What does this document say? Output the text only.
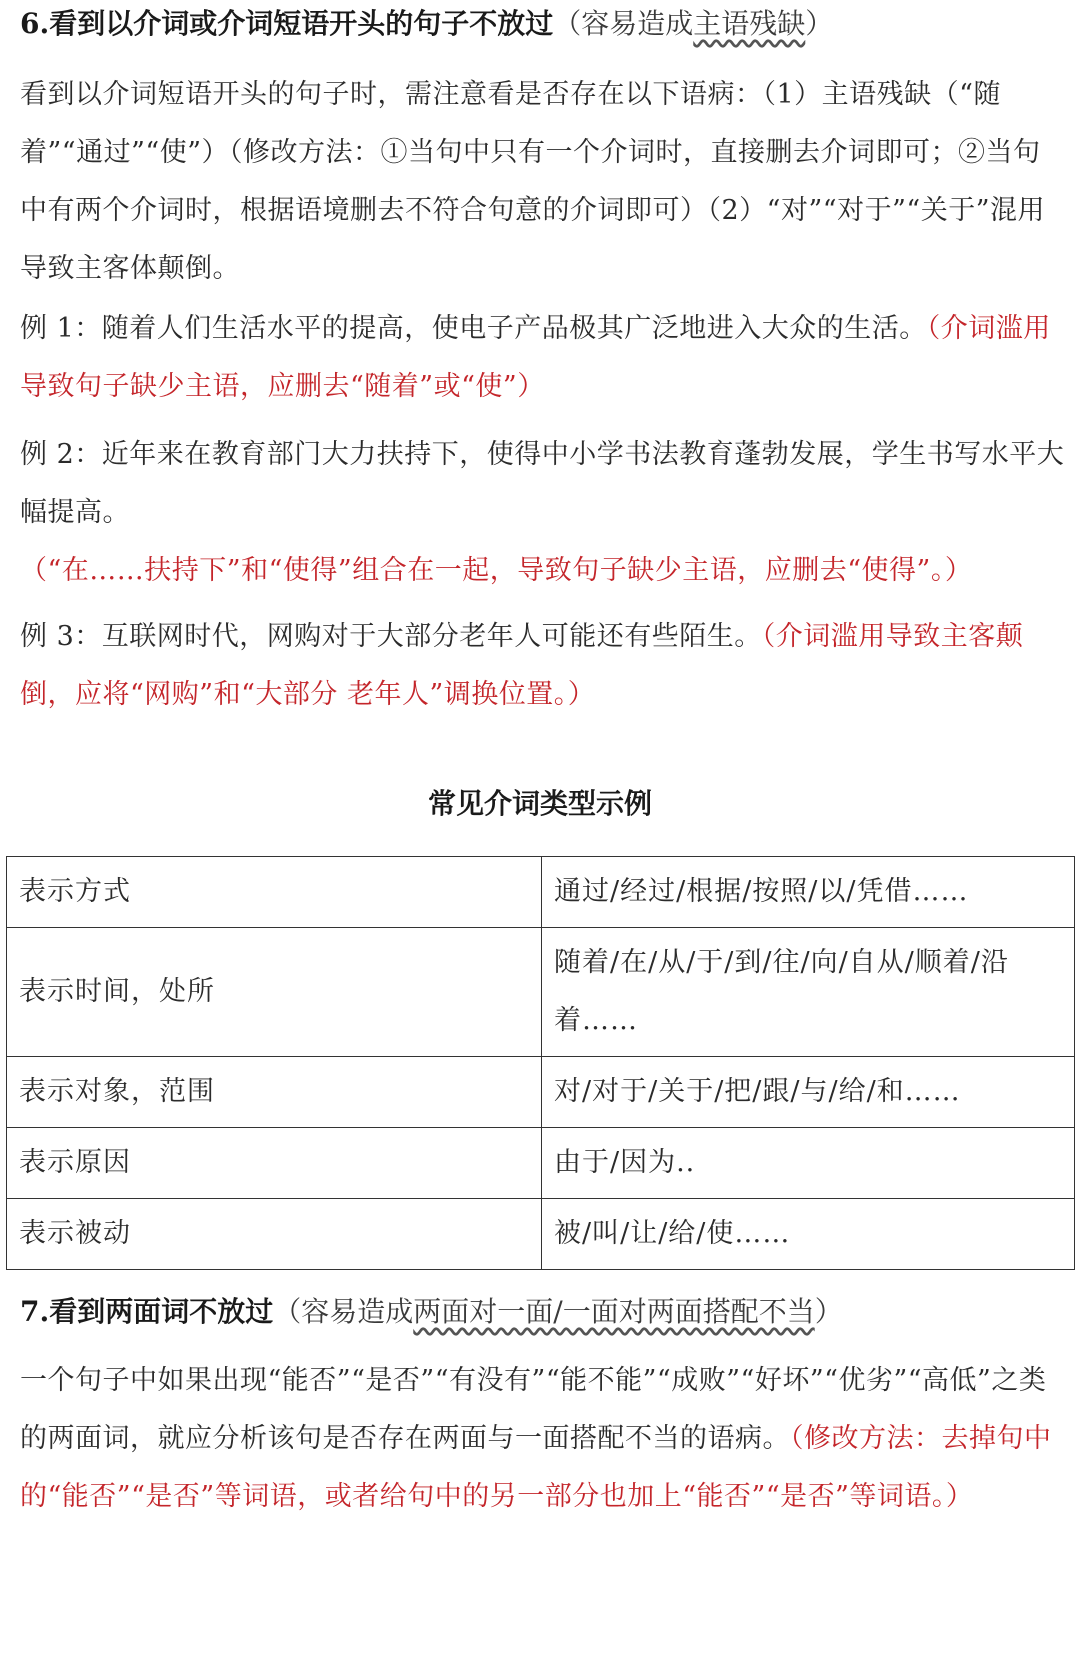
6.看到以介词或介词短语开头的句子不放过（容易造成主语残缺）
看到以介词短语开头的句子时，需注意看是否存在以下语病：（1）主语残缺（“随着”“通过”“使”）（修改方法：①当句中只有一个介词时，直接删去介词即可；②当句中有两个介词时，根据语境删去不符合句意的介词即可）（2）“对”“对于”“关于”混用导致主客体颠倒。
例 1：随着人们生活水平的提高，使电子产品极其广泛地进入大众的生活。（介词滥用导致句子缺少主语，应删去“随着”或“使”）
例 2：近年来在教育部门大力扶持下，使得中小学书法教育蓬勃发展，学生书写水平大幅提高。（“在……扶持下”和“使得”组合在一起，导致句子缺少主语，应删去“使得”。）
例 3：互联网时代，网购对于大部分老年人可能还有些陌生。（介词滥用导致主客颠倒，应将“网购”和“大部分 老年人”调换位置。）
常见介词类型示例
表示方式	通过/经过/根据/按照/以/凭借……
表示时间，处所	随着/在/从/于/到/往/向/自从/顺着/沿着……
表示对象，范围	对/对于/关于/把/跟/与/给/和……
表示原因	由于/因为..
表示被动	被/叫/让/给/使……
7.看到两面词不放过（容易造成两面对一面/一面对两面搭配不当）
一个句子中如果出现“能否”“是否”“有没有”“能不能”“成败”“好坏”“优劣”“高低”之类的两面词，就应分析该句是否存在两面与一面搭配不当的语病。（修改方法：去掉句中的“能否”“是否”等词语，或者给句中的另一部分也加上“能否”“是否”等词语。）
